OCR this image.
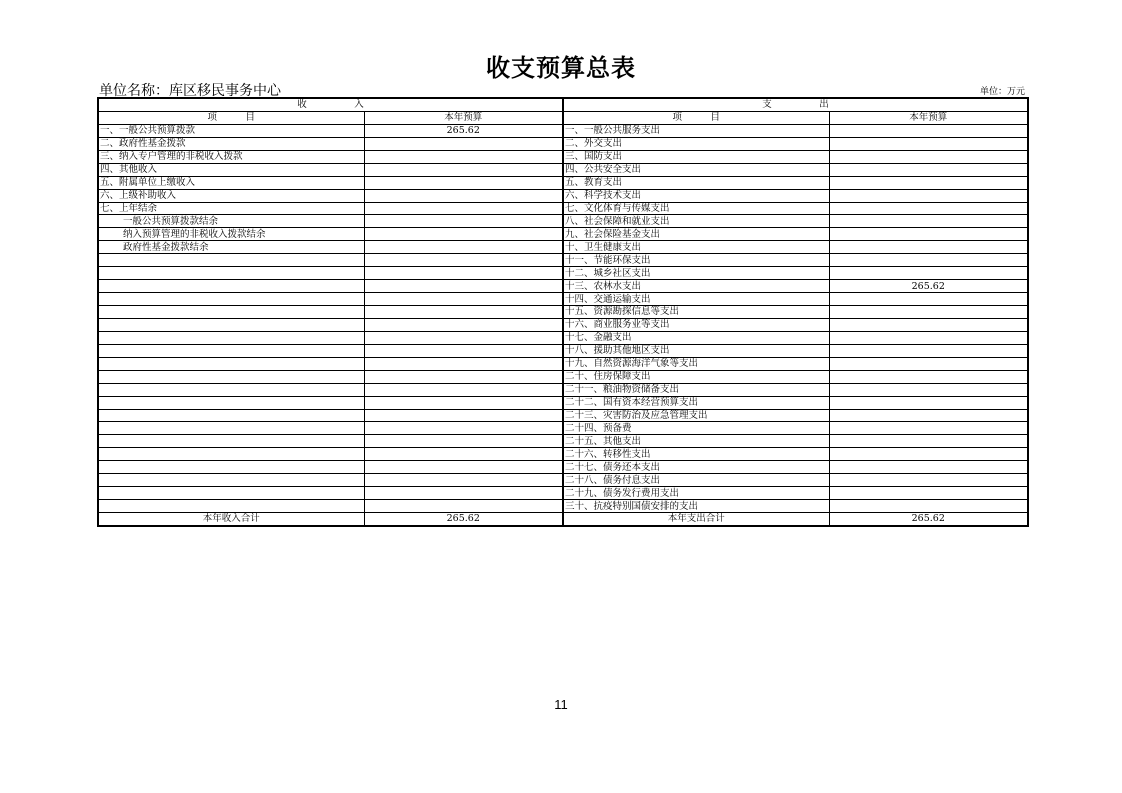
收支预算总表
单位名称：库区移民事务中心	单位：万元
收　　　　　入		支　　　　　出	
项　　　目	本年预算	项　　　目	本年预算
一、一般公共预算拨款	265.62	一、一般公共服务支出	
二、政府性基金拨款		二、外交支出	
三、纳入专户管理的非税收入拨款		三、国防支出	
四、其他收入		四、公共安全支出	
五、附属单位上缴收入		五、教育支出	
六、上级补助收入		六、科学技术支出	
七、上年结余		七、文化体育与传媒支出	
一般公共预算拨款结余		八、社会保障和就业支出	
纳入预算管理的非税收入拨款结余		九、社会保险基金支出	
政府性基金拨款结余		十、卫生健康支出	
		十一、节能环保支出	
		十二、城乡社区支出	
		十三、农林水支出	265.62
		十四、交通运输支出	
		十五、资源勘探信息等支出	
		十六、商业服务业等支出	
		十七、金融支出	
		十八、援助其他地区支出	
		十九、自然资源海洋气象等支出	
		二十、住房保障支出	
		二十一、粮油物资储备支出	
		二十二、国有资本经营预算支出	
		二十三、灾害防治及应急管理支出	
		二十四、预备费	
		二十五、其他支出	
		二十六、转移性支出	
		二十七、债务还本支出	
		二十八、债务付息支出	
		二十九、债务发行费用支出	
		三十、抗疫特别国债安排的支出	
本年收入合计	265.62	本年支出合计	265.62
11
